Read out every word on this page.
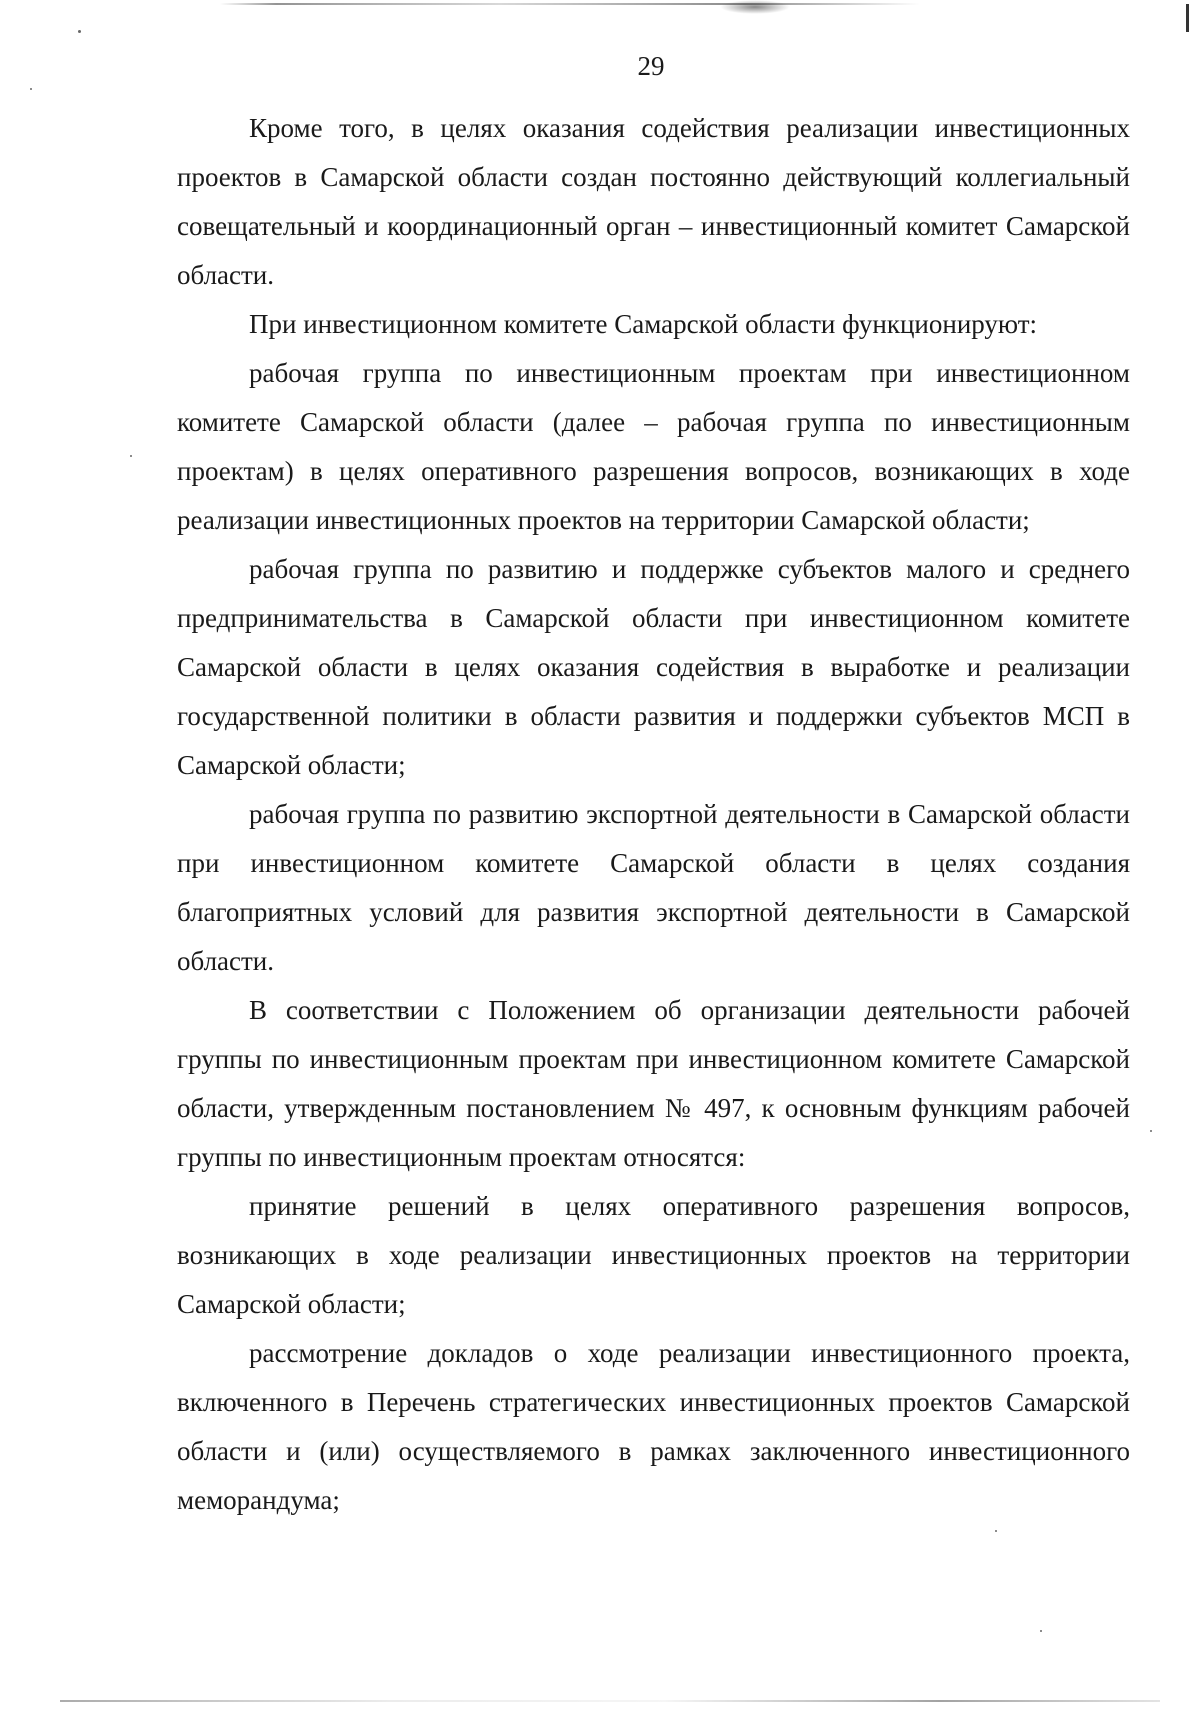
29

Кроме того, в целях оказания содействия реализации инвестиционных проектов в Самарской области создан постоянно действующий коллегиальный совещательный и координационный орган – инвестиционный комитет Самарской области.

При инвестиционном комитете Самарской области функционируют:

рабочая группа по инвестиционным проектам при инвестиционном комитете Самарской области (далее – рабочая группа по инвестиционным проектам) в целях оперативного разрешения вопросов, возникающих в ходе реализации инвестиционных проектов на территории Самарской области;

рабочая группа по развитию и поддержке субъектов малого и среднего предпринимательства в Самарской области при инвестиционном комитете Самарской области в целях оказания содействия в выработке и реализации государственной политики в области развития и поддержки субъектов МСП в Самарской области;

рабочая группа по развитию экспортной деятельности в Самарской области при инвестиционном комитете Самарской области в целях создания благоприятных условий для развития экспортной деятельности в Самарской области.

В соответствии с Положением об организации деятельности рабочей группы по инвестиционным проектам при инвестиционном комитете Самарской области, утвержденным постановлением № 497, к основным функциям рабочей группы по инвестиционным проектам относятся:

принятие решений в целях оперативного разрешения вопросов, возникающих в ходе реализации инвестиционных проектов на территории Самарской области;

рассмотрение докладов о ходе реализации инвестиционного проекта, включенного в Перечень стратегических инвестиционных проектов Самарской области и (или) осуществляемого в рамках заключенного инвестиционного меморандума;
